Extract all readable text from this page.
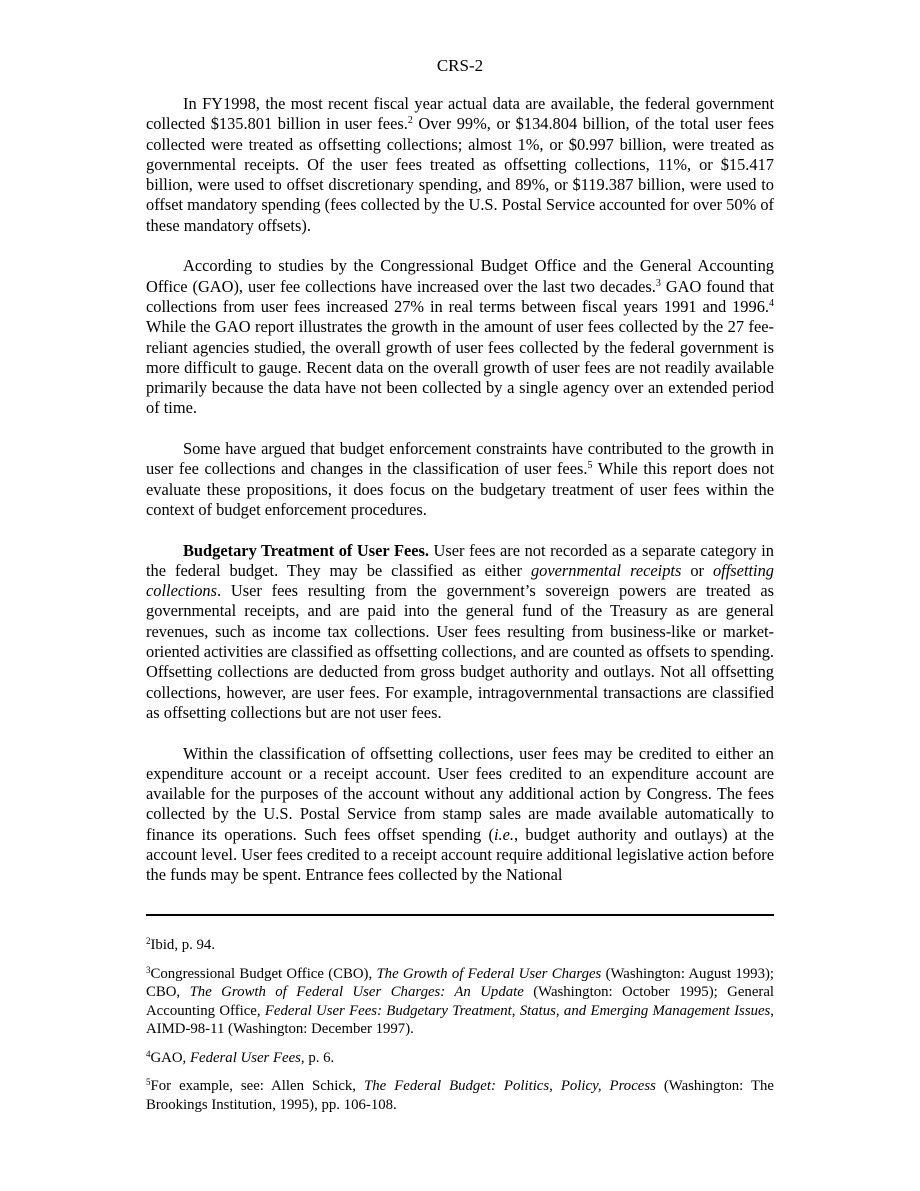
CRS-2

In FY1998, the most recent fiscal year actual data are available, the federal government collected $135.801 billion in user fees.$^2$ Over 99%, or $134.804 billion, of the total user fees collected were treated as offsetting collections; almost 1%, or $0.997 billion, were treated as governmental receipts. Of the user fees treated as offsetting collections, 11%, or $15.417 billion, were used to offset discretionary spending, and 89%, or $119.387 billion, were used to offset mandatory spending (fees collected by the U.S. Postal Service accounted for over 50% of these mandatory offsets).

According to studies by the Congressional Budget Office and the General Accounting Office (GAO), user fee collections have increased over the last two decades.$^3$ GAO found that collections from user fees increased 27% in real terms between fiscal years 1991 and 1996.$^4$ While the GAO report illustrates the growth in the amount of user fees collected by the 27 fee-reliant agencies studied, the overall growth of user fees collected by the federal government is more difficult to gauge. Recent data on the overall growth of user fees are not readily available primarily because the data have not been collected by a single agency over an extended period of time.

Some have argued that budget enforcement constraints have contributed to the growth in user fee collections and changes in the classification of user fees.$^5$ While this report does not evaluate these propositions, it does focus on the budgetary treatment of user fees within the context of budget enforcement procedures.

Budgetary Treatment of User Fees. User fees are not recorded as a separate category in the federal budget. They may be classified as either governmental receipts or offsetting collections. User fees resulting from the government’s sovereign powers are treated as governmental receipts, and are paid into the general fund of the Treasury as are general revenues, such as income tax collections. User fees resulting from business-like or market-oriented activities are classified as offsetting collections, and are counted as offsets to spending. Offsetting collections are deducted from gross budget authority and outlays. Not all offsetting collections, however, are user fees. For example, intragovernmental transactions are classified as offsetting collections but are not user fees.

Within the classification of offsetting collections, user fees may be credited to either an expenditure account or a receipt account. User fees credited to an expenditure account are available for the purposes of the account without any additional action by Congress. The fees collected by the U.S. Postal Service from stamp sales are made available automatically to finance its operations. Such fees offset spending (i.e., budget authority and outlays) at the account level. User fees credited to a receipt account require additional legislative action before the funds may be spent. Entrance fees collected by the National

$^2$Ibid, p. 94.
$^3$Congressional Budget Office (CBO), The Growth of Federal User Charges (Washington: August 1993); CBO, The Growth of Federal User Charges: An Update (Washington: October 1995); General Accounting Office, Federal User Fees: Budgetary Treatment, Status, and Emerging Management Issues, AIMD-98-11 (Washington: December 1997).
$^4$GAO, Federal User Fees, p. 6.
$^5$For example, see: Allen Schick, The Federal Budget: Politics, Policy, Process (Washington: The Brookings Institution, 1995), pp. 106-108.
